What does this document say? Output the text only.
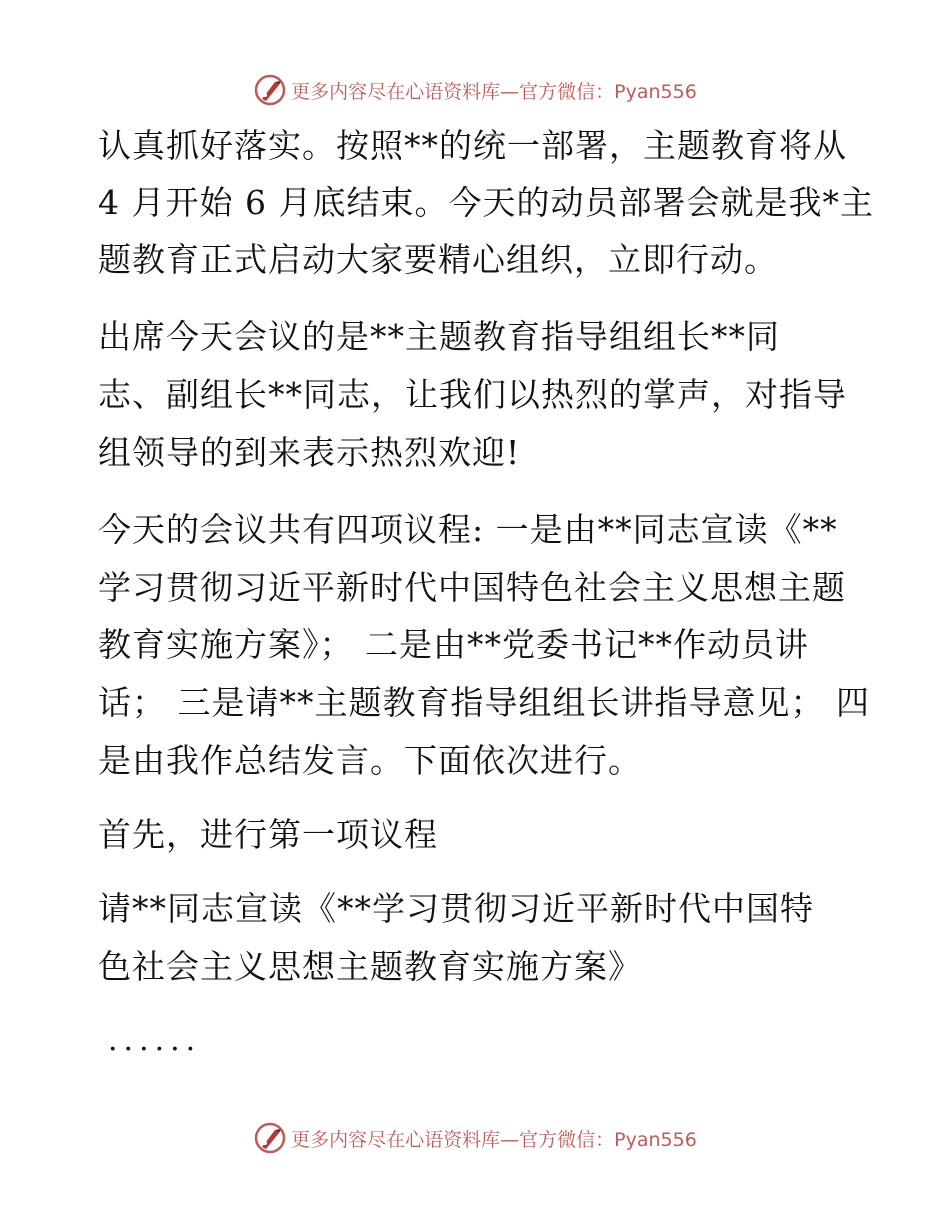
更多内容尽在心语资料库—官方微信：Pyan556
认真抓好落实。按照**的统一部署，主题教育将从
4 月开始 6 月底结束。今天的动员部署会就是我*主
题教育正式启动大家要精心组织，立即行动。
出席今天会议的是**主题教育指导组组长**同
志、副组长**同志，让我们以热烈的掌声，对指导
组领导的到来表示热烈欢迎!
今天的会议共有四项议程: 一是由**同志宣读《**
学习贯彻习近平新时代中国特色社会主义思想主题
教育实施方案》； 二是由**党委书记**作动员讲
话； 三是请**主题教育指导组组长讲指导意见； 四
是由我作总结发言。下面依次进行。
首先，进行第一项议程
请**同志宣读《**学习贯彻习近平新时代中国特
色社会主义思想主题教育实施方案》
······
更多内容尽在心语资料库—官方微信：Pyan556
